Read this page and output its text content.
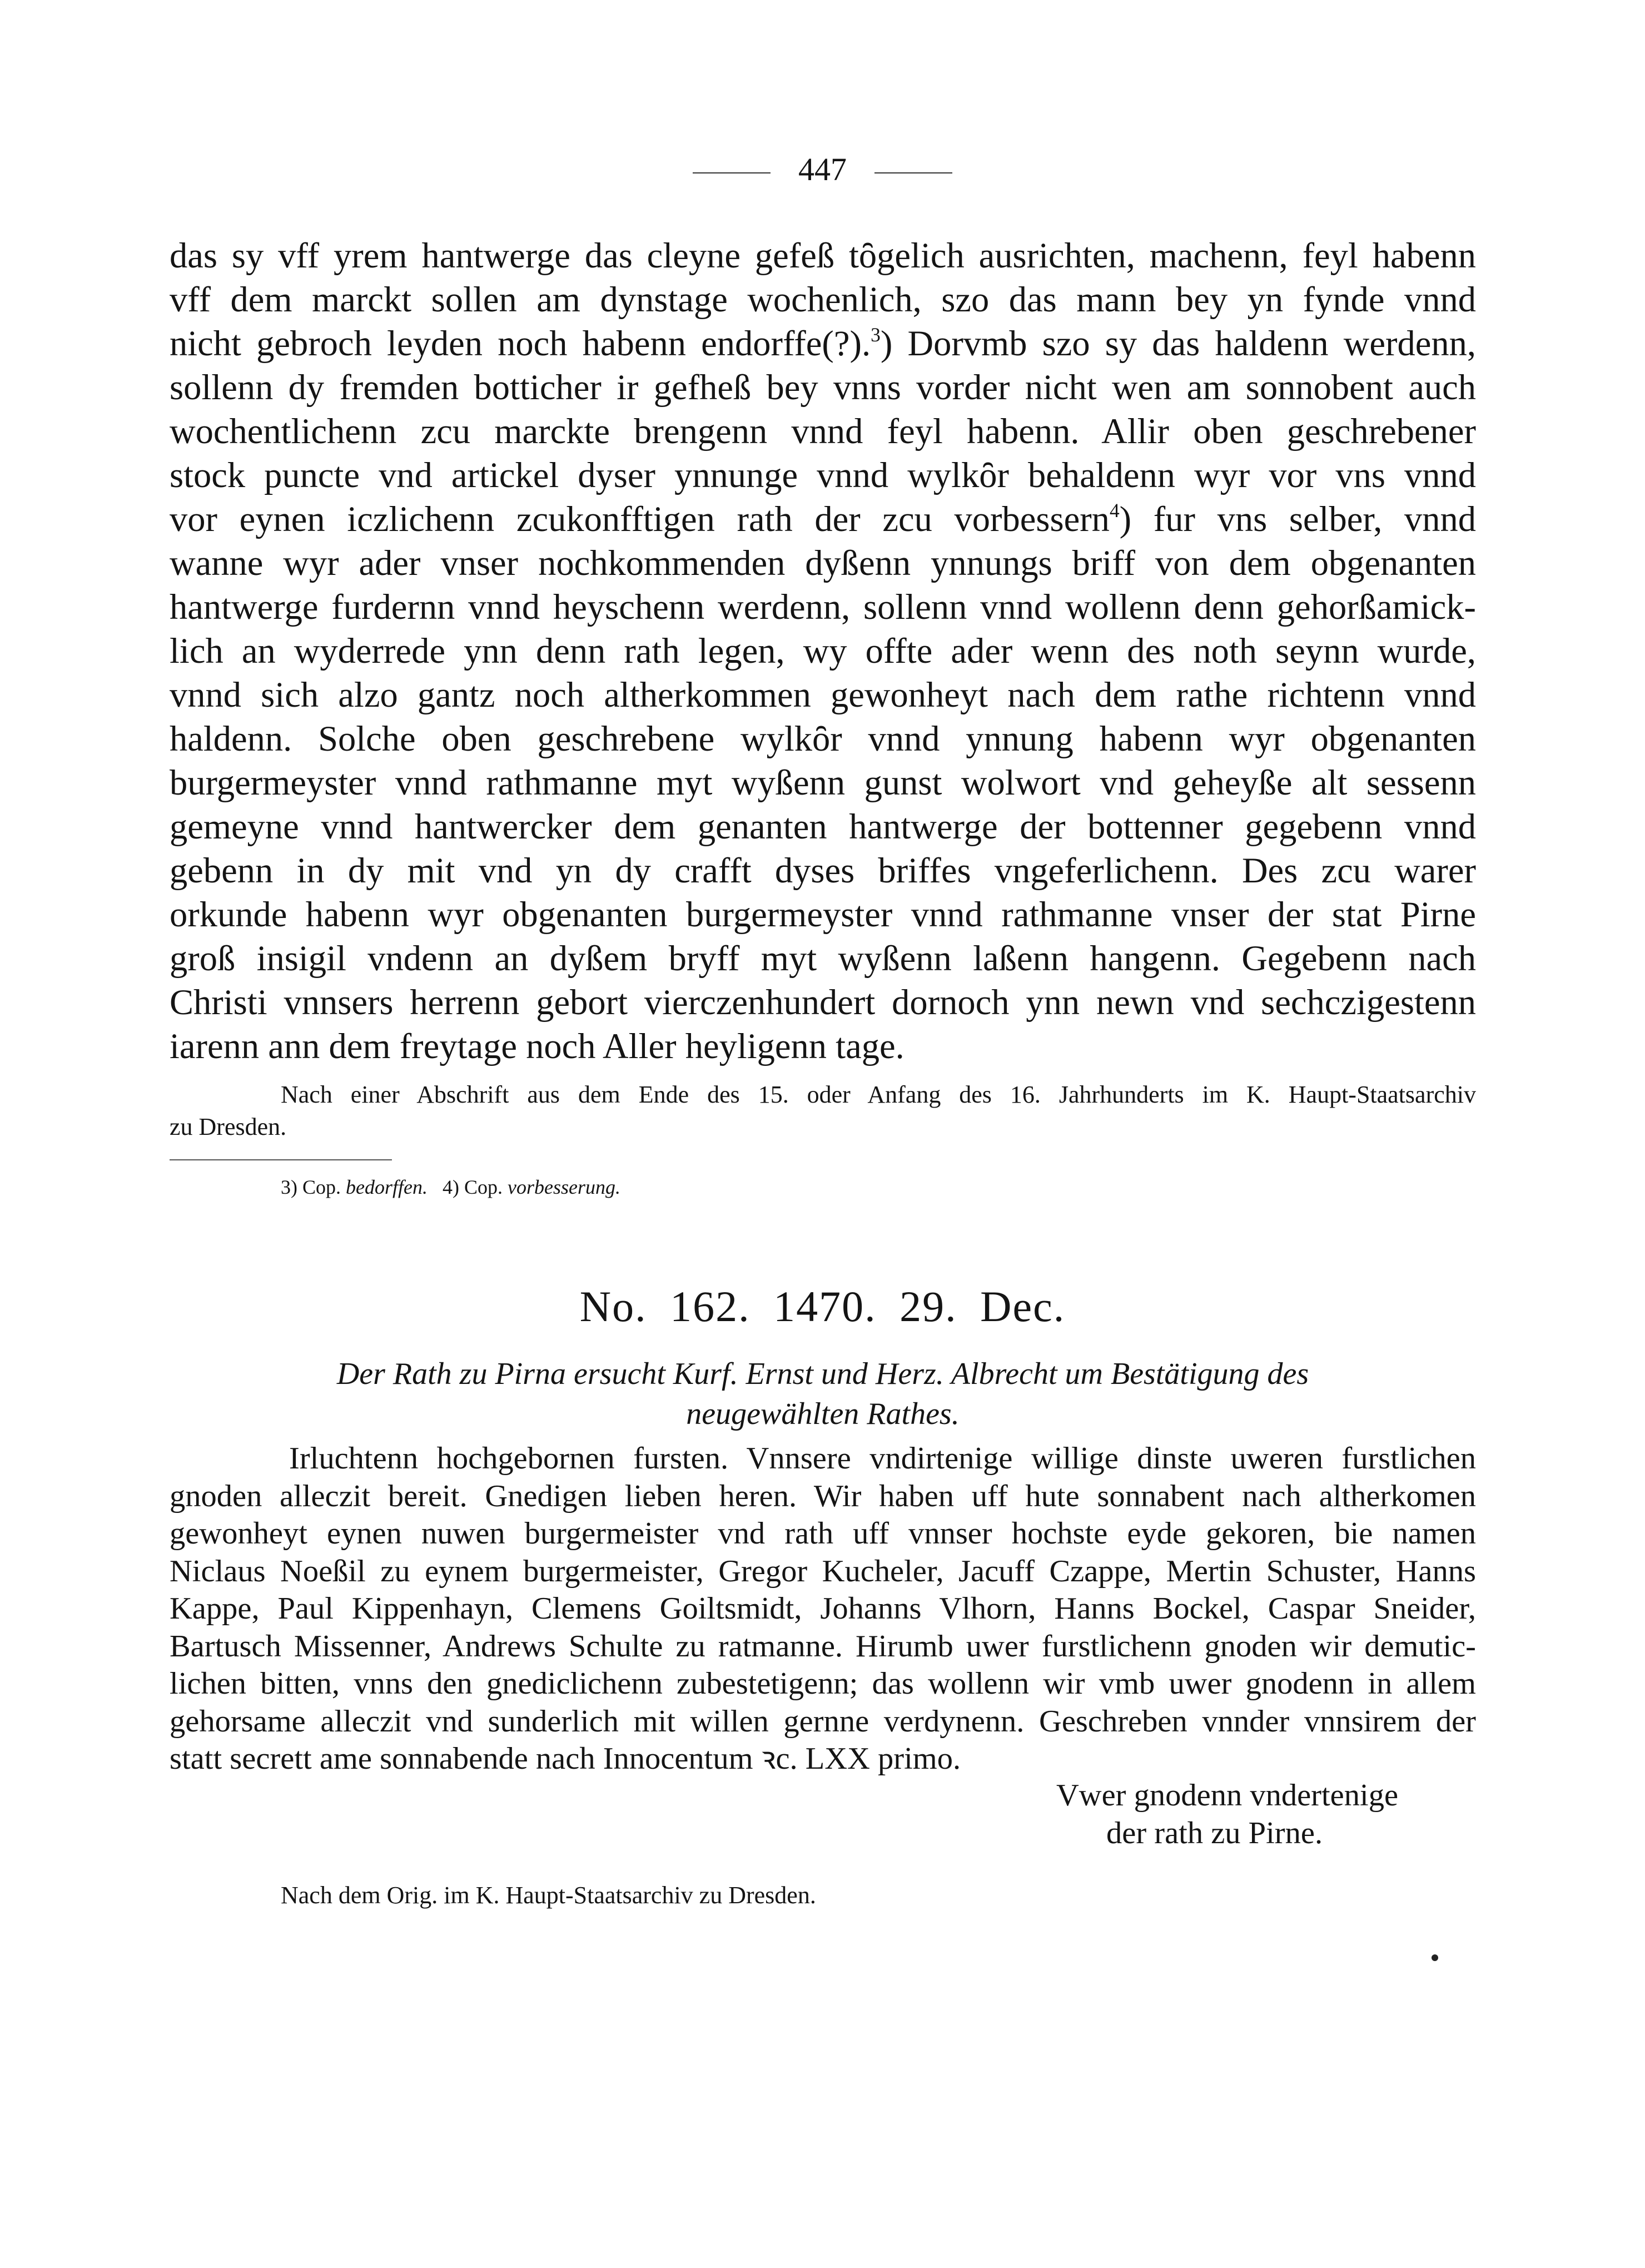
447
das sy vff yrem hantwerge das cleyne gefeß tȏgelich ausrichten, machenn, feyl habenn
vff dem marckt sollen am dynstage wochenlich, szo das mann bey yn fynde vnnd
nicht gebroch leyden noch habenn endorffe(?).$^3$) Dorvmb szo sy das haldenn werdenn,
sollenn dy fremden botticher ir gefheß bey vnns vorder nicht wen am sonnobent auch
wochentlichenn zcu marckte brengenn vnnd feyl habenn. Allir oben geschrebener
stock puncte vnd artickel dyser ynnunge vnnd wylkȏr behaldenn wyr vor vns vnnd
vor eynen iczlichenn zcukonfftigen rath der zcu vorbessern$^4$) fur vns selber, vnnd
wanne wyr ader vnser nochkommenden dyßenn ynnungs briff von dem obgenanten
hantwerge furdernn vnnd heyschenn werdenn, sollenn vnnd wollenn denn gehorßamick-
lich an wyderrede ynn denn rath legen, wy offte ader wenn des noth seynn wurde,
vnnd sich alzo gantz noch altherkommen gewonheyt nach dem rathe richtenn vnnd
haldenn. Solche oben geschrebene wylkȏr vnnd ynnung habenn wyr obgenanten
burgermeyster vnnd rathmanne myt wyßenn gunst wolwort vnd geheyße alt sessenn
gemeyne vnnd hantwercker dem genanten hantwerge der bottenner gegebenn vnnd
gebenn in dy mit vnd yn dy crafft dyses briffes vngeferlichenn. Des zcu warer
orkunde habenn wyr obgenanten burgermeyster vnnd rathmanne vnser der stat Pirne
groß insigil vndenn an dyßem bryff myt wyßenn laßenn hangenn. Gegebenn nach
Christi vnnsers herrenn gebort vierczenhundert dornoch ynn newn vnd sechczigestenn
iarenn ann dem freytage noch Aller heyligenn tage.
Nach einer Abschrift aus dem Ende des 15. oder Anfang des 16. Jahrhunderts im K. Haupt-Staatsarchiv
zu Dresden.
3) Cop. bedorffen. 4) Cop. vorbesserung.
No. 162. 1470. 29. Dec.
Der Rath zu Pirna ersucht Kurf. Ernst und Herz. Albrecht um Bestätigung des
neugewählten Rathes.
Irluchtenn hochgebornen fursten. Vnnsere vndirtenige willige dinste uweren furstlichen
gnoden alleczit bereit. Gnedigen lieben heren. Wir haben uff hute sonnabent nach altherkomen
gewonheyt eynen nuwen burgermeister vnd rath uff vnnser hochste eyde gekoren, bie namen
Niclaus Noeßil zu eynem burgermeister, Gregor Kucheler, Jacuff Czappe, Mertin Schuster, Hanns
Kappe, Paul Kippenhayn, Clemens Goiltsmidt, Johanns Vlhorn, Hanns Bockel, Caspar Sneider,
Bartusch Missenner, Andrews Schulte zu ratmanne. Hirumb uwer furstlichenn gnoden wir demutic-
lichen bitten, vnns den gnediclichenn zubestetigenn; das wollenn wir vmb uwer gnodenn in allem
gehorsame alleczit vnd sunderlich mit willen gernne verdynenn. Geschreben vnnder vnnsirem der
statt secrett ame sonnabende nach Innocentum ꝛc. LXX primo.
Vwer gnodenn vndertenige
der rath zu Pirne.
Nach dem Orig. im K. Haupt-Staatsarchiv zu Dresden.
